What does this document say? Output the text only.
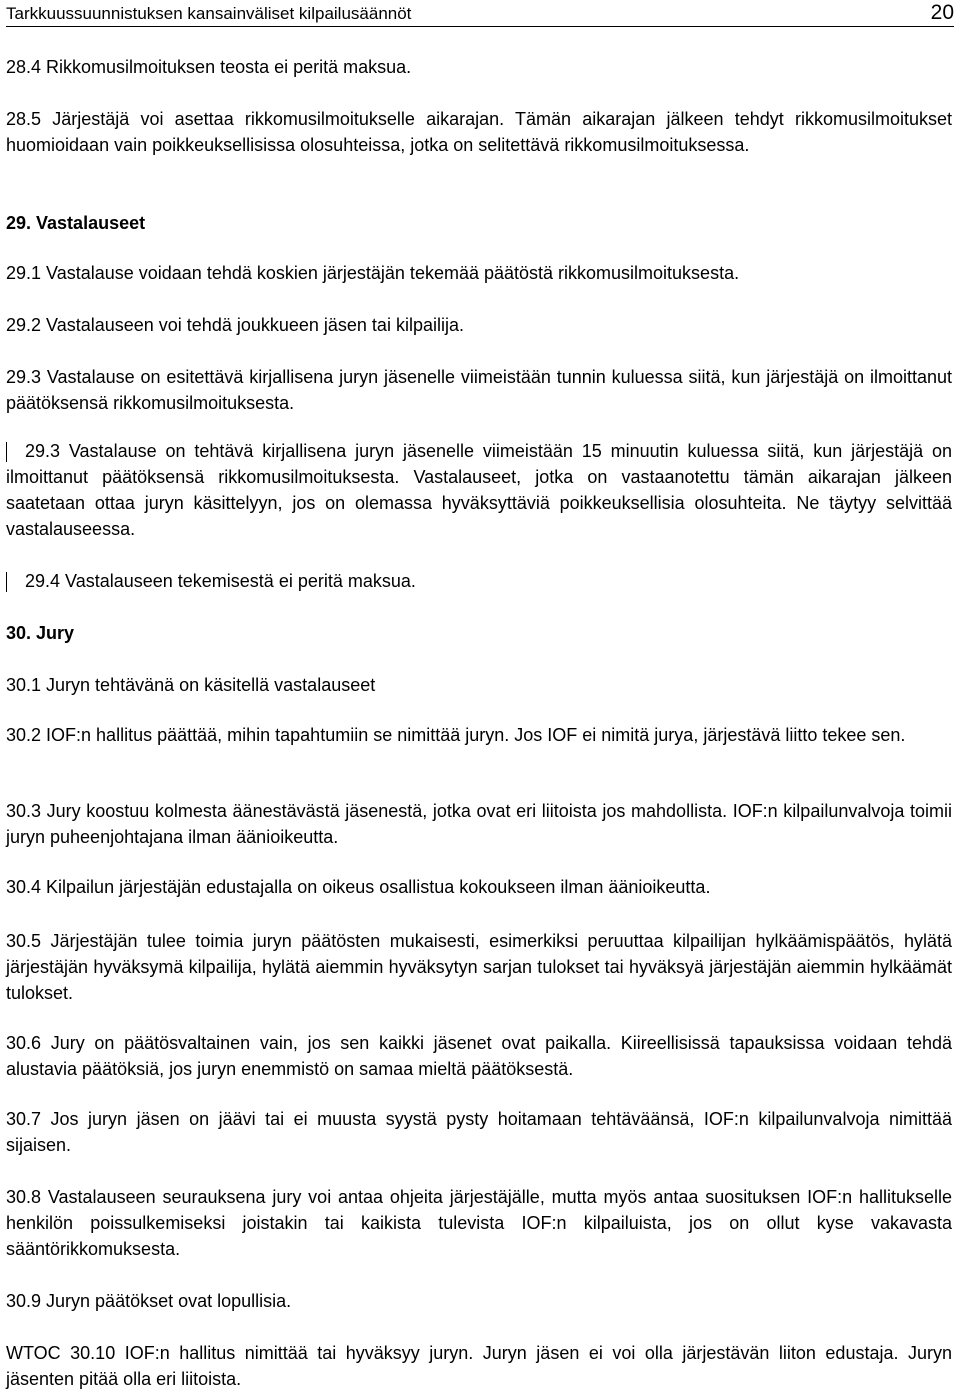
Tarkkuussuunnistuksen kansainväliset kilpailusäännöt	20
28.4 Rikkomusilmoituksen teosta ei peritä maksua.
28.5 Järjestäjä voi asettaa rikkomusilmoitukselle aikarajan. Tämän aikarajan jälkeen tehdyt rikkomusilmoitukset huomioidaan vain poikkeuksellisissa olosuhteissa, jotka on selitettävä rikkomusilmoituksessa.
29. Vastalauseet
29.1 Vastalause voidaan tehdä koskien järjestäjän tekemää päätöstä rikkomusilmoituksesta.
29.2 Vastalauseen voi tehdä joukkueen jäsen tai kilpailija.
29.3 Vastalause on esitettävä kirjallisena juryn jäsenelle viimeistään tunnin kuluessa siitä, kun järjestäjä on ilmoittanut päätöksensä rikkomusilmoituksesta.
29.3 Vastalause on tehtävä kirjallisena juryn jäsenelle viimeistään 15 minuutin kuluessa siitä, kun järjestäjä on ilmoittanut päätöksensä rikkomusilmoituksesta. Vastalauseet, jotka on vastaanotettu tämän aikarajan jälkeen saatetaan ottaa juryn käsittelyyn, jos on olemassa hyväksyttäviä poikkeuksellisia olosuhteita. Ne täytyy selvittää vastalauseessa.
29.4 Vastalauseen tekemisestä ei peritä maksua.
30. Jury
30.1 Juryn tehtävänä on käsitellä vastalauseet
30.2 IOF:n hallitus päättää, mihin tapahtumiin se nimittää juryn. Jos IOF ei nimitä jurya, järjestävä liitto tekee sen.
30.3 Jury koostuu kolmesta äänestävästä jäsenestä, jotka ovat eri liitoista jos mahdollista. IOF:n kilpailunvalvoja toimii juryn puheenjohtajana ilman äänioikeutta.
30.4 Kilpailun järjestäjän edustajalla on oikeus osallistua kokoukseen ilman äänioikeutta.
30.5 Järjestäjän tulee toimia juryn päätösten mukaisesti, esimerkiksi peruuttaa kilpailijan hylkäämispäätös, hylätä järjestäjän hyväksymä kilpailija, hylätä aiemmin hyväksytyn sarjan tulokset tai hyväksyä järjestäjän aiemmin hylkäämät tulokset.
30.6 Jury on päätösvaltainen vain, jos sen kaikki jäsenet ovat paikalla. Kiireellisissä tapauksissa voidaan tehdä alustavia päätöksiä, jos juryn enemmistö on samaa mieltä päätöksestä.
30.7 Jos juryn jäsen on jäävi tai ei muusta syystä pysty hoitamaan tehtäväänsä, IOF:n kilpailunvalvoja nimittää sijaisen.
30.8 Vastalauseen seurauksena jury voi antaa ohjeita järjestäjälle, mutta myös antaa suosituksen IOF:n hallitukselle henkilön poissulkemiseksi joistakin tai kaikista tulevista IOF:n kilpailuista, jos on ollut kyse vakavasta sääntörikkomuksesta.
30.9 Juryn päätökset ovat lopullisia.
WTOC 30.10 IOF:n hallitus nimittää tai hyväksyy juryn. Juryn jäsen ei voi olla järjestävän liiton edustaja. Juryn jäsenten pitää olla eri liitoista.
